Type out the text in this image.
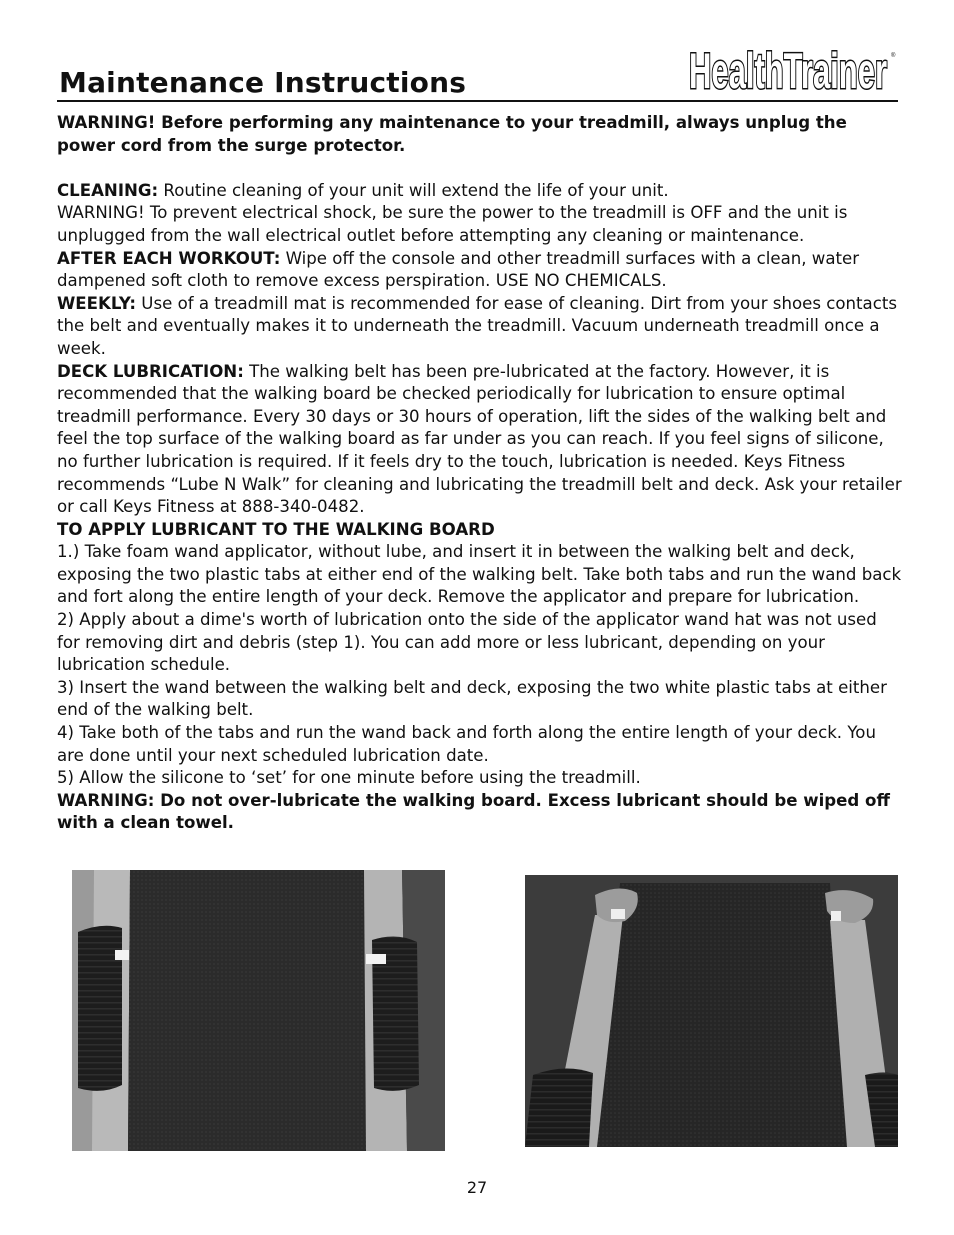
Maintenance Instructions	HealthTrainer ®

WARNING! Before performing any maintenance to your treadmill, always unplug the power cord from the surge protector.

CLEANING: Routine cleaning of your unit will extend the life of your unit.

WARNING! To prevent electrical shock, be sure the power to the treadmill is OFF and the unit is unplugged from the wall electrical outlet before attempting any cleaning or maintenance.

AFTER EACH WORKOUT: Wipe off the console and other treadmill surfaces with a clean, water dampened soft cloth to remove excess perspiration. USE NO CHEMICALS.

WEEKLY: Use of a treadmill mat is recommended for ease of cleaning. Dirt from your shoes contacts the belt and eventually makes it to underneath the treadmill. Vacuum underneath treadmill once a week.

DECK LUBRICATION: The walking belt has been pre-lubricated at the factory. However, it is recommended that the walking board be checked periodically for lubrication to ensure optimal treadmill performance. Every 30 days or 30 hours of operation, lift the sides of the walking belt and feel the top surface of the walking board as far under as you can reach. If you feel signs of silicone, no further lubrication is required. If it feels dry to the touch, lubrication is needed. Keys Fitness recommends “Lube N Walk” for cleaning and lubricating the treadmill belt and deck. Ask your retailer or call Keys Fitness at 888-340-0482.

TO APPLY LUBRICANT TO THE WALKING BOARD

1.) Take foam wand applicator, without lube, and insert it in between the walking belt and deck, exposing the two plastic tabs at either end of the walking belt. Take both tabs and run the wand back and fort along the entire length of your deck. Remove the applicator and prepare for lubrication.

2) Apply about a dime's worth of lubrication onto the side of the applicator wand hat was not used for removing dirt and debris (step 1). You can add more or less lubricant, depending on your lubrication schedule.

3) Insert the wand between the walking belt and deck, exposing the two white plastic tabs at either end of the walking belt.

4) Take both of the tabs and run the wand back and forth along the entire length of your deck. You are done until your next scheduled lubrication date.

5) Allow the silicone to ‘set’ for one minute before using the treadmill.

WARNING: Do not over-lubricate the walking board. Excess lubricant should be wiped off with a clean towel.

27
